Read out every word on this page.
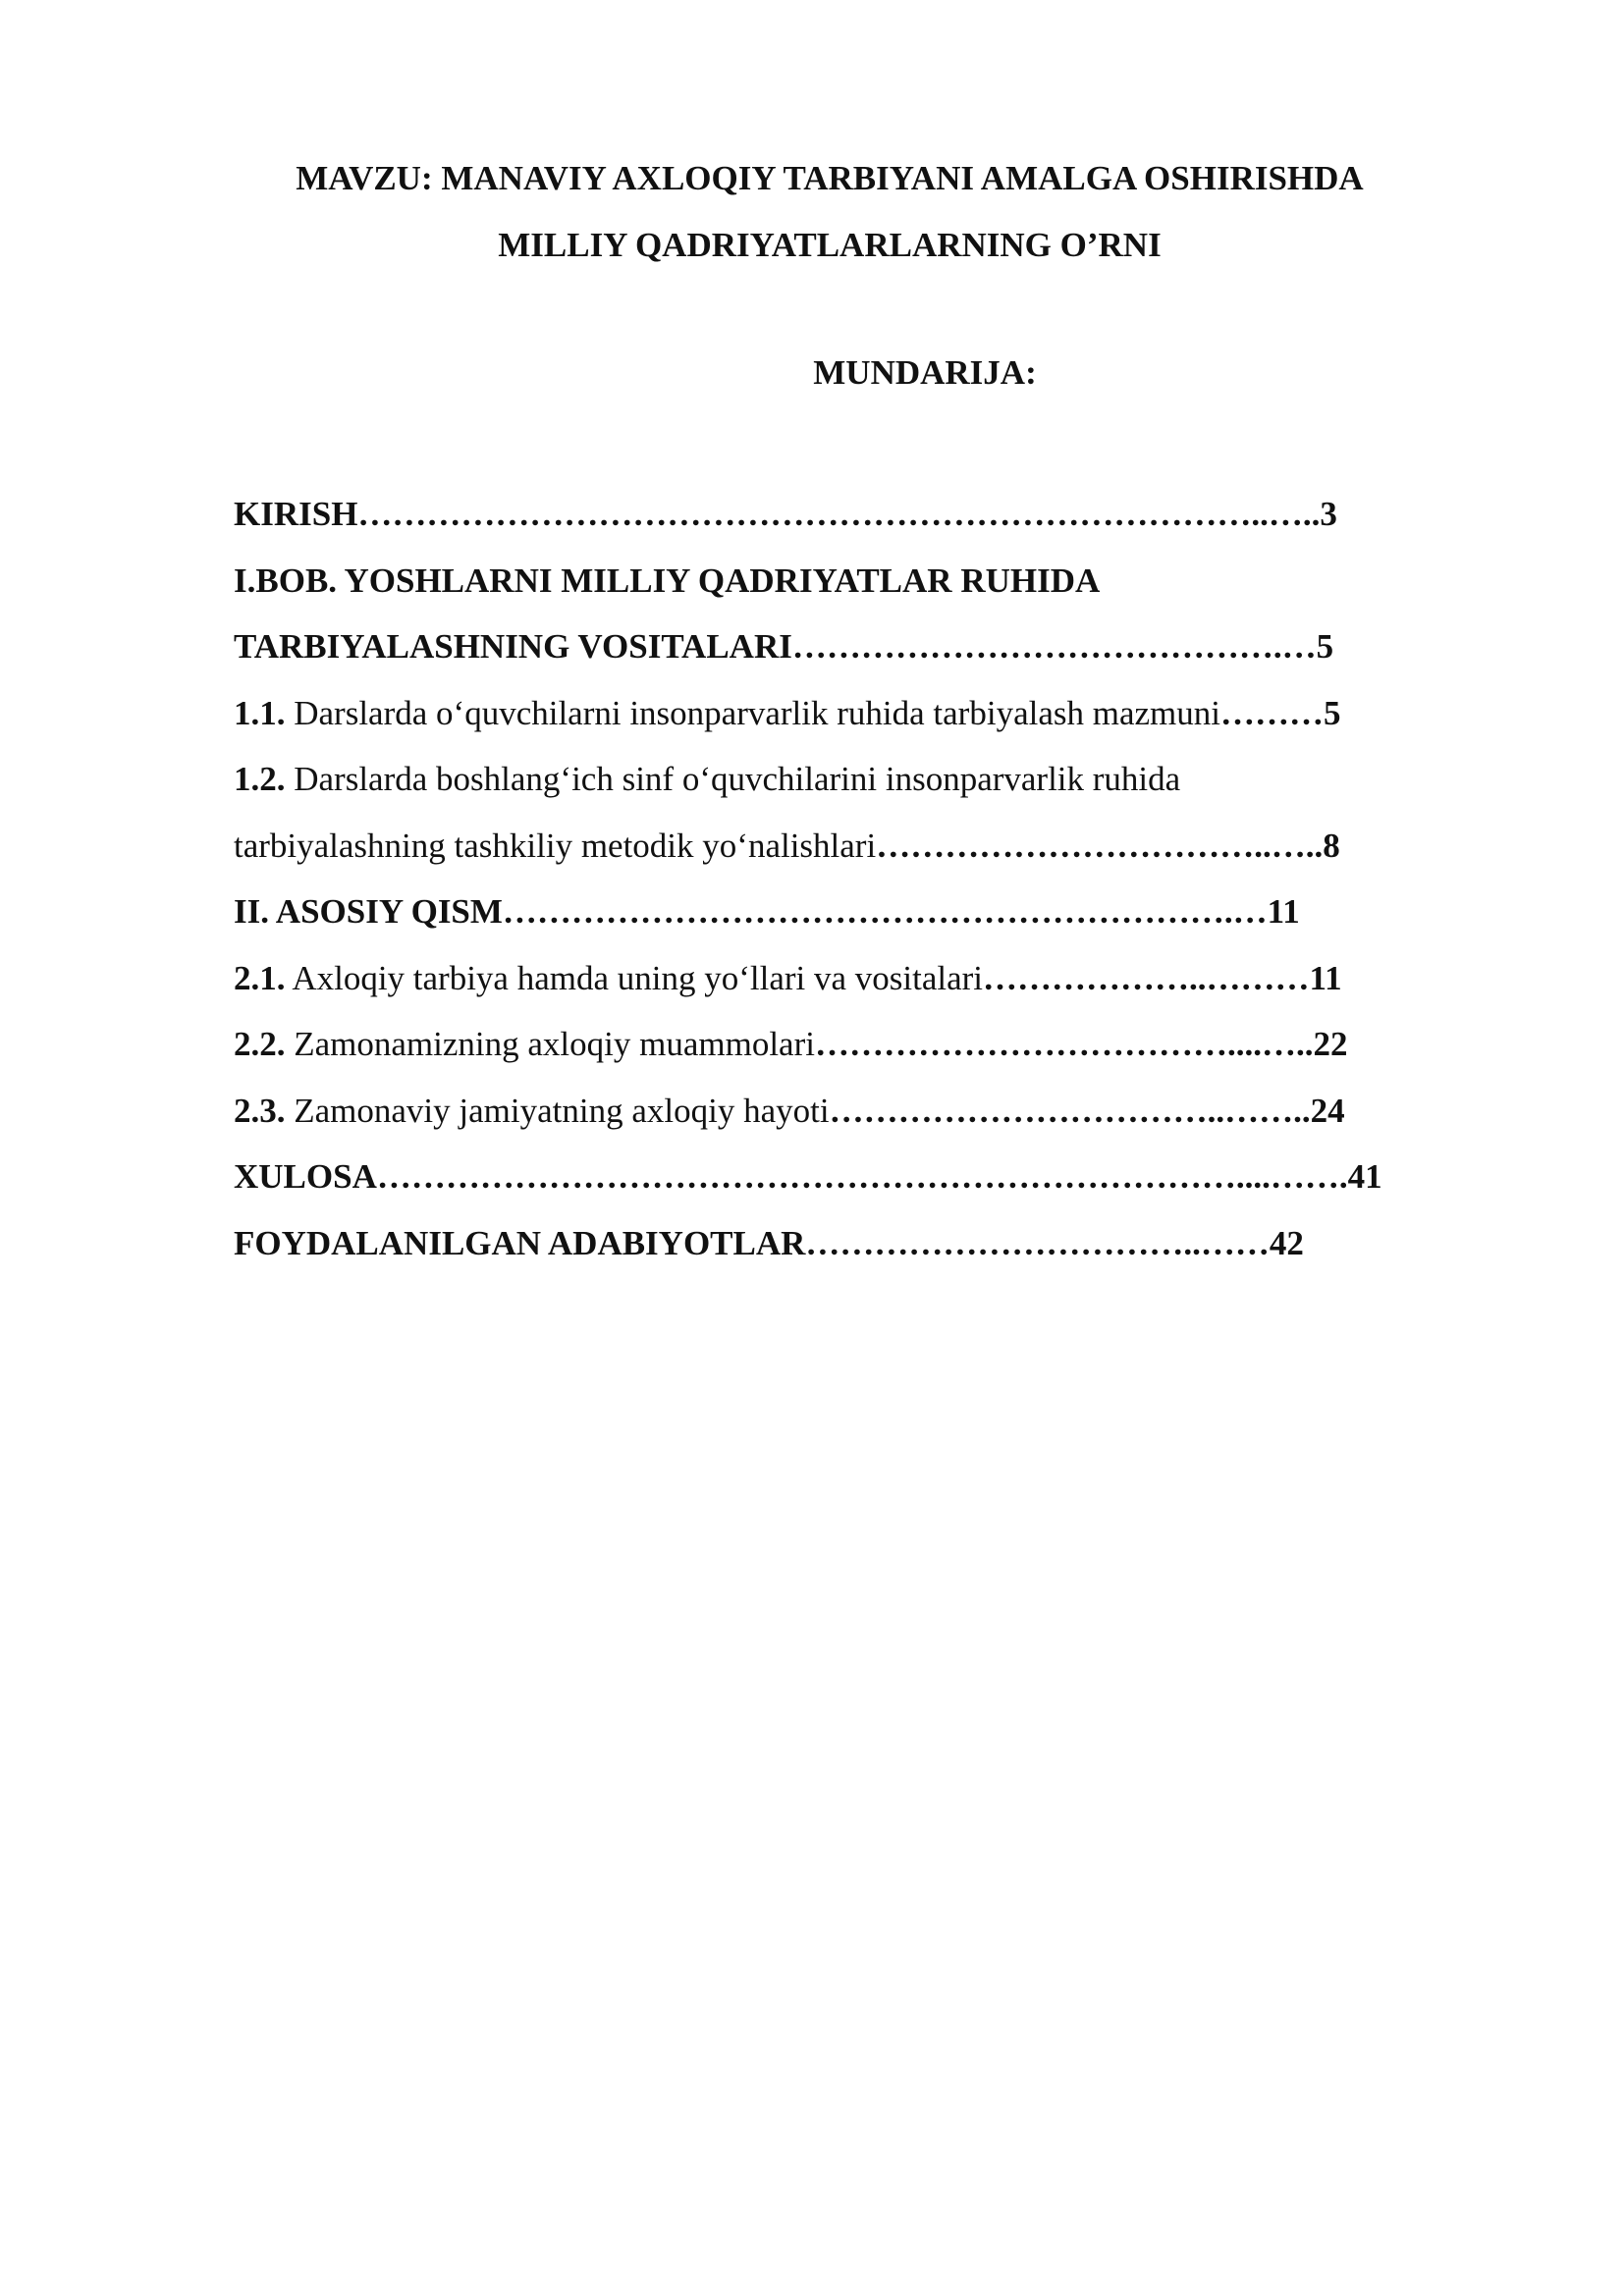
MAVZU: MANAVIY AXLOQIY TARBIYANI AMALGA OSHIRISHDA
MILLIY QADRIYATLARLARNING O’RNI
MUNDARIJA:
KIRISH……………………………………………………………………..…..3
I.BOB. YOSHLARNI MILLIY QADRIYATLAR RUHIDA
TARBIYALASHNING VOSITALARI…………………………………….…5
1.1. Darslarda o‘quvchilarni insonparvarlik ruhida tarbiyalash mazmuni………5
1.2. Darslarda boshlang‘ich sinf o‘quvchilarini insonparvarlik ruhida
tarbiyalashning tashkiliy metodik yo‘nalishlari……………………………..…..8
II. ASOSIY QISM……………………………………………………….…11
2.1. Axloqiy tarbiya hamda uning yo‘llari va vositalari………………..………11
2.2. Zamonamizning axloqiy muammolari………………………………....…..22
2.3. Zamonaviy jamiyatning axloqiy hayoti……………………………..……..24
XULOSA…………………………………………………………………....…….41
FOYDALANILGAN ADABIYOTLAR……………………………..……42
